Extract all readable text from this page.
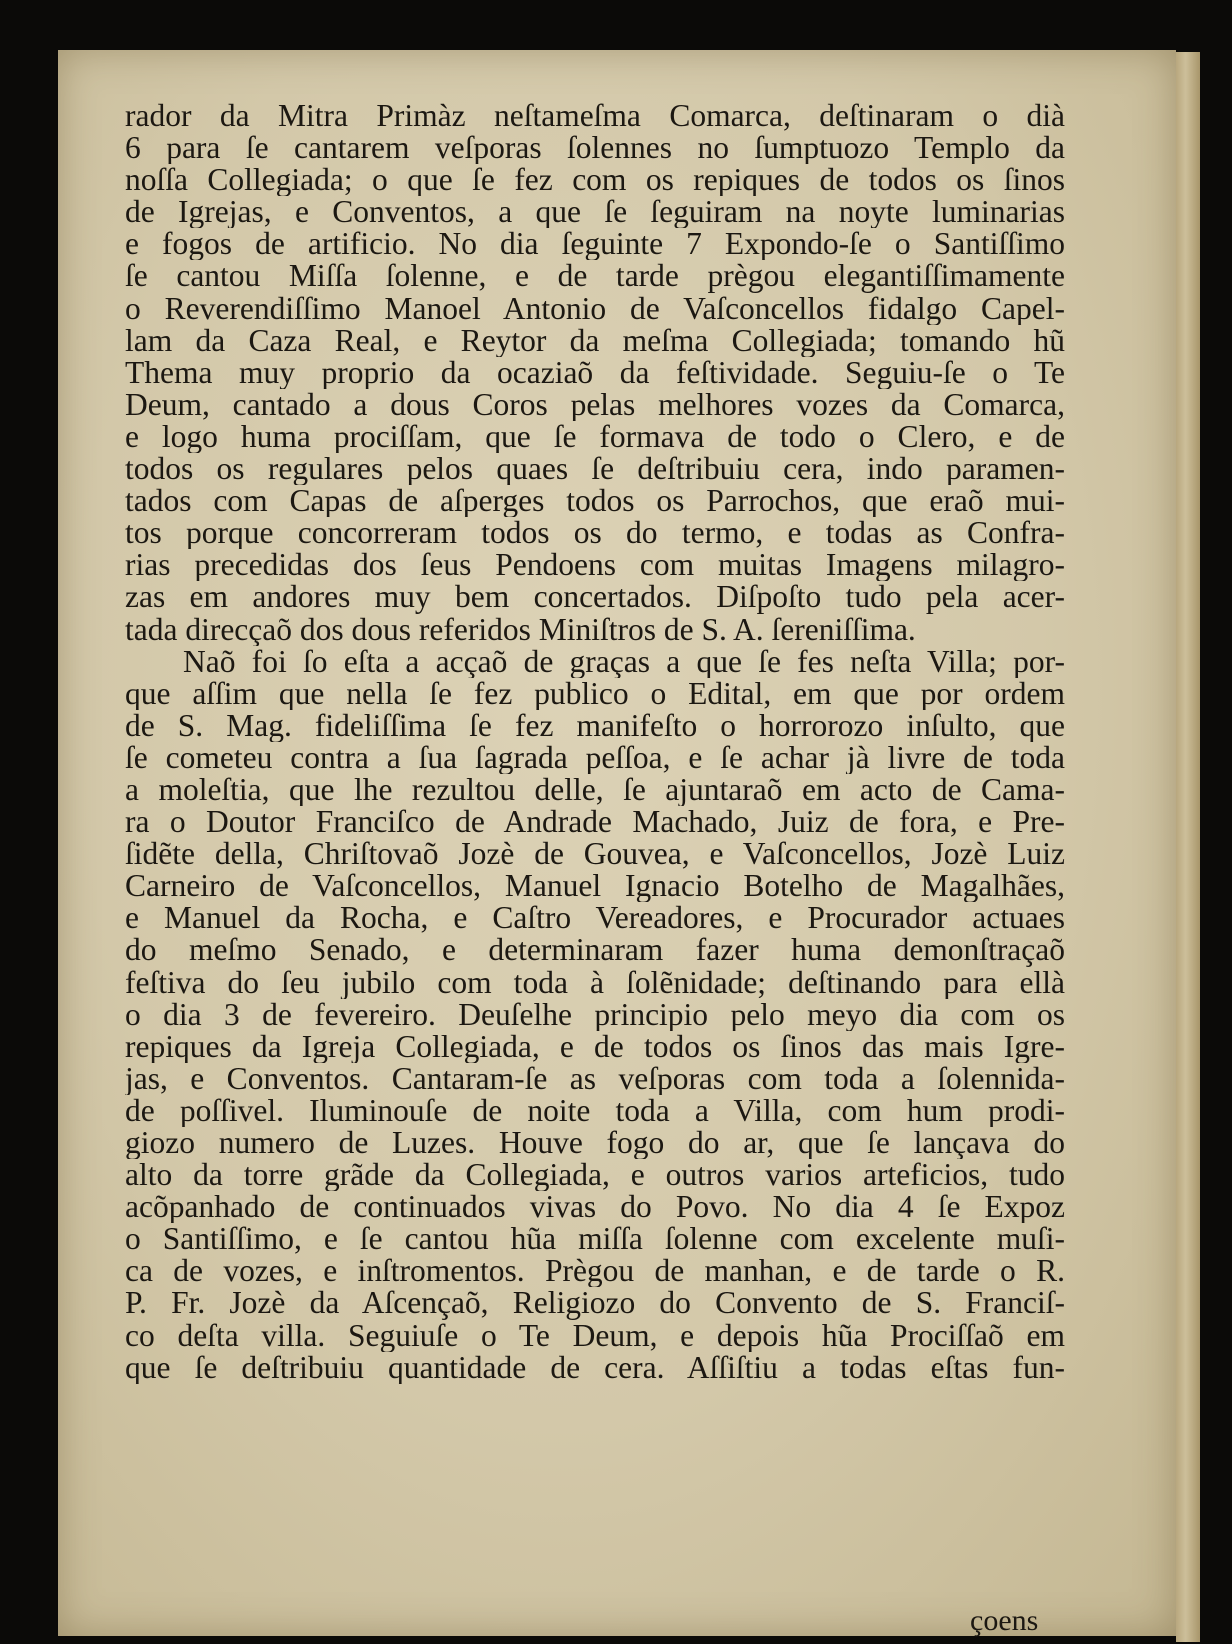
rador da Mitra Primàz neſtameſma Comarca, deſtinaram o dià
6 para ſe cantarem veſporas ſolennes no ſumptuozo Templo da
noſſa Collegiada; o que ſe fez com os repiques de todos os ſinos
de Igrejas, e Conventos, a que ſe ſeguiram na noyte luminarias
e fogos de artificio. No dia ſeguinte 7 Expondo-ſe o Santiſſimo
ſe cantou Miſſa ſolenne, e de tarde prègou elegantiſſimamente
o Reverendiſſimo Manoel Antonio de Vaſconcellos fidalgo Capel-
lam da Caza Real, e Reytor da meſma Collegiada; tomando hũ
Thema muy proprio da ocaziaõ da feſtividade. Seguiu-ſe o Te
Deum, cantado a dous Coros pelas melhores vozes da Comarca,
e logo huma prociſſam, que ſe formava de todo o Clero, e de
todos os regulares pelos quaes ſe deſtribuiu cera, indo paramen-
tados com Capas de aſperges todos os Parrochos, que eraõ mui-
tos porque concorreram todos os do termo, e todas as Confra-
rias precedidas dos ſeus Pendoens com muitas Imagens milagro-
zas em andores muy bem concertados. Diſpoſto tudo pela acer-
tada direcçaõ dos dous referidos Miniſtros de S. A. ſereniſſima.
Naõ foi ſo eſta a acçaõ de graças a que ſe fes neſta Villa; por-
que aſſim que nella ſe fez publico o Edital, em que por ordem
de S. Mag. fideliſſima ſe fez manifeſto o horrorozo inſulto, que
ſe cometeu contra a ſua ſagrada peſſoa, e ſe achar jà livre de toda
a moleſtia, que lhe rezultou delle, ſe ajuntaraõ em acto de Cama-
ra o Doutor Franciſco de Andrade Machado, Juiz de fora, e Pre-
ſidẽte della, Chriſtovaõ Jozè de Gouvea, e Vaſconcellos, Jozè Luiz
Carneiro de Vaſconcellos, Manuel Ignacio Botelho de Magalhães,
e Manuel da Rocha, e Caſtro Vereadores, e Procurador actuaes
do meſmo Senado, e determinaram fazer huma demonſtraçaõ
feſtiva do ſeu jubilo com toda à ſolẽnidade; deſtinando para ellà
o dia 3 de fevereiro. Deuſelhe principio pelo meyo dia com os
repiques da Igreja Collegiada, e de todos os ſinos das mais Igre-
jas, e Conventos. Cantaram-ſe as veſporas com toda a ſolennida-
de poſſivel. Iluminouſe de noite toda a Villa, com hum prodi-
giozo numero de Luzes. Houve fogo do ar, que ſe lançava do
alto da torre grãde da Collegiada, e outros varios arteficios, tudo
acõpanhado de continuados vivas do Povo. No dia 4 ſe Expoz
o Santiſſimo, e ſe cantou hũa miſſa ſolenne com excelente muſi-
ca de vozes, e inſtromentos. Prègou de manhan, e de tarde o R.
P. Fr. Jozè da Aſcençaõ, Religiozo do Convento de S. Franciſ-
co deſta villa. Seguiuſe o Te Deum, e depois hũa Prociſſaõ em
que ſe deſtribuiu quantidade de cera. Aſſiſtiu a todas eſtas fun-
çoens
